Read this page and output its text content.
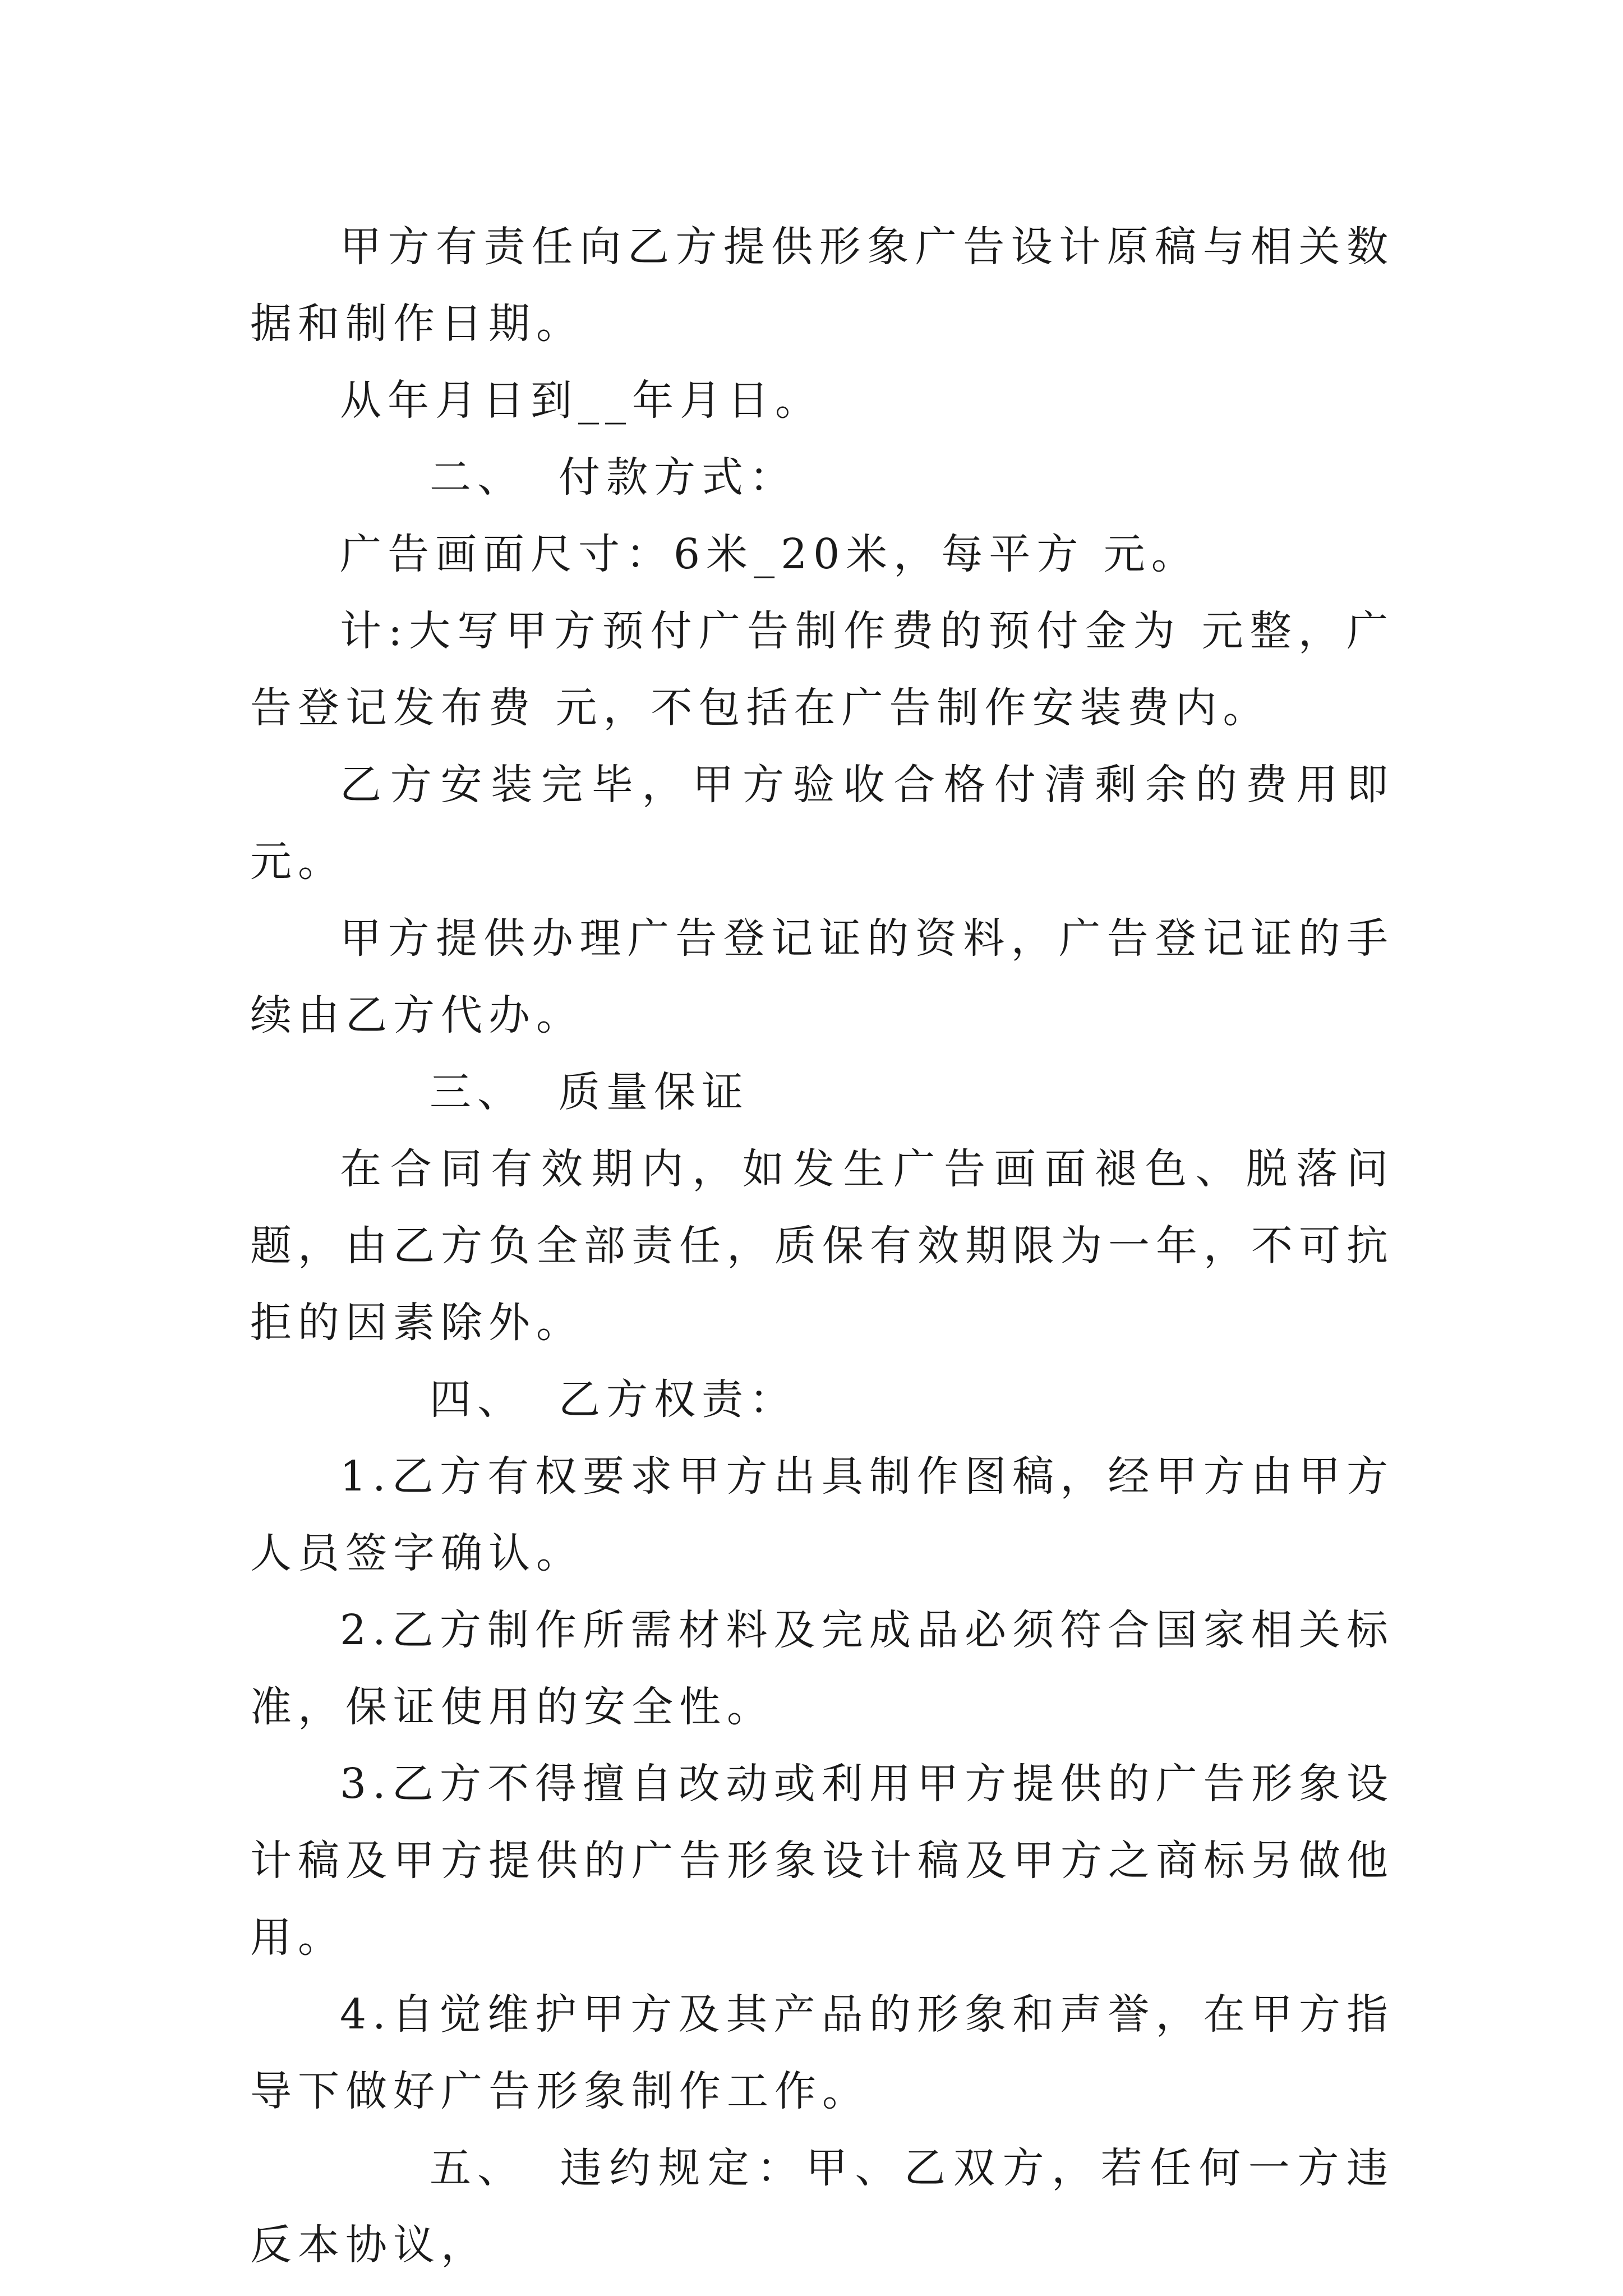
甲方有责任向乙方提供形象广告设计原稿与相关数据和制作日期。

从年月日到__年月日。

二、 付款方式：

广告画面尺寸：6米_20米，每平方 元。

计:大写甲方预付广告制作费的预付金为 元整，广告登记发布费 元，不包括在广告制作安装费内。

乙方安装完毕，甲方验收合格付清剩余的费用即 元。

甲方提供办理广告登记证的资料，广告登记证的手续由乙方代办。

三、 质量保证

在合同有效期内，如发生广告画面褪色、脱落问题，由乙方负全部责任，质保有效期限为一年，不可抗拒的因素除外。

四、 乙方权责：

1.乙方有权要求甲方出具制作图稿，经甲方由甲方人员签字确认。

2.乙方制作所需材料及完成品必须符合国家相关标准，保证使用的安全性。

3.乙方不得擅自改动或利用甲方提供的广告形象设计稿及甲方提供的广告形象设计稿及甲方之商标另做他用。

4.自觉维护甲方及其产品的形象和声誉，在甲方指导下做好广告形象制作工作。

五、 违约规定：甲、乙双方，若任何一方违反本协议，
